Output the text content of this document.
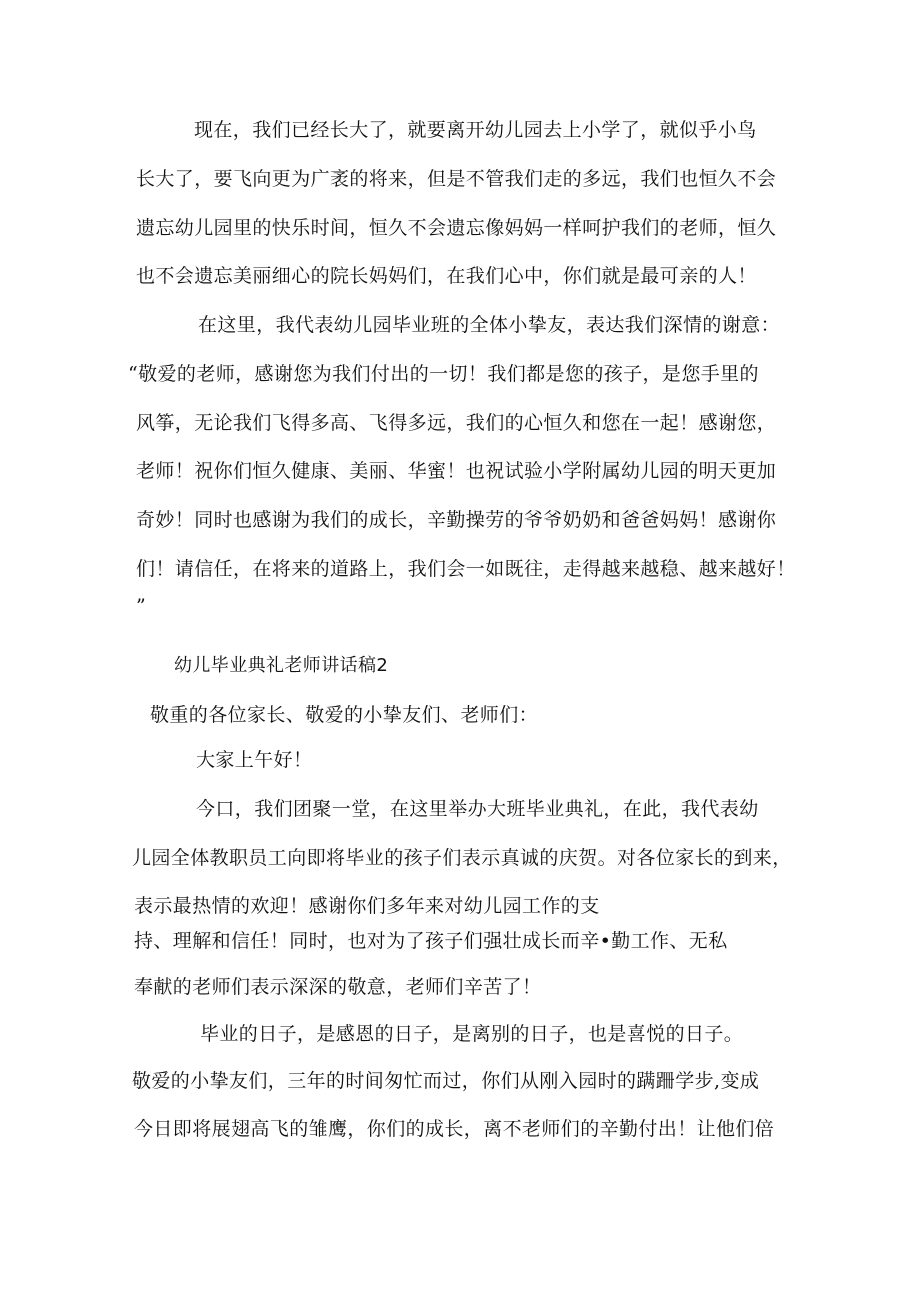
现在，我们已经长大了，就要离开幼儿园去上小学了，就似乎小鸟
长大了，要飞向更为广袤的将来，但是不管我们走的多远，我们也恒久不会
遗忘幼儿园里的快乐时间，恒久不会遗忘像妈妈一样呵护我们的老师，恒久
也不会遗忘美丽细心的院长妈妈们，在我们心中，你们就是最可亲的人！
在这里，我代表幼儿园毕业班的全体小挚友，表达我们深情的谢意：
“敬爱的老师，感谢您为我们付出的一切！我们都是您的孩子，是您手里的
风筝，无论我们飞得多高、飞得多远，我们的心恒久和您在一起！感谢您，
老师！祝你们恒久健康、美丽、华蜜！也祝试验小学附属幼儿园的明天更加
奇妙！同时也感谢为我们的成长，辛勤操劳的爷爷奶奶和爸爸妈妈！感谢你
们！请信任，在将来的道路上，我们会一如既往，走得越来越稳、越来越好！
”
幼儿毕业典礼老师讲话稿2
敬重的各位家长、敬爱的小挚友们、老师们：
大家上午好！
今口，我们团聚一堂，在这里举办大班毕业典礼，在此，我代表幼
儿园全体教职员工向即将毕业的孩子们表示真诚的庆贺。对各位家长的到来，
表示最热情的欢迎！感谢你们多年来对幼儿园工作的支
持、理解和信任！同时，也对为了孩子们强壮成长而辛•勤工作、无私
奉献的老师们表示深深的敬意，老师们辛苦了！
毕业的日子，是感恩的日子，是离别的日子，也是喜悦的日子。
敬爱的小挚友们，三年的时间匆忙而过，你们从刚入园时的蹒跚学步,变成
今日即将展翅高飞的雏鹰，你们的成长，离不老师们的辛勤付出！让他们倍
